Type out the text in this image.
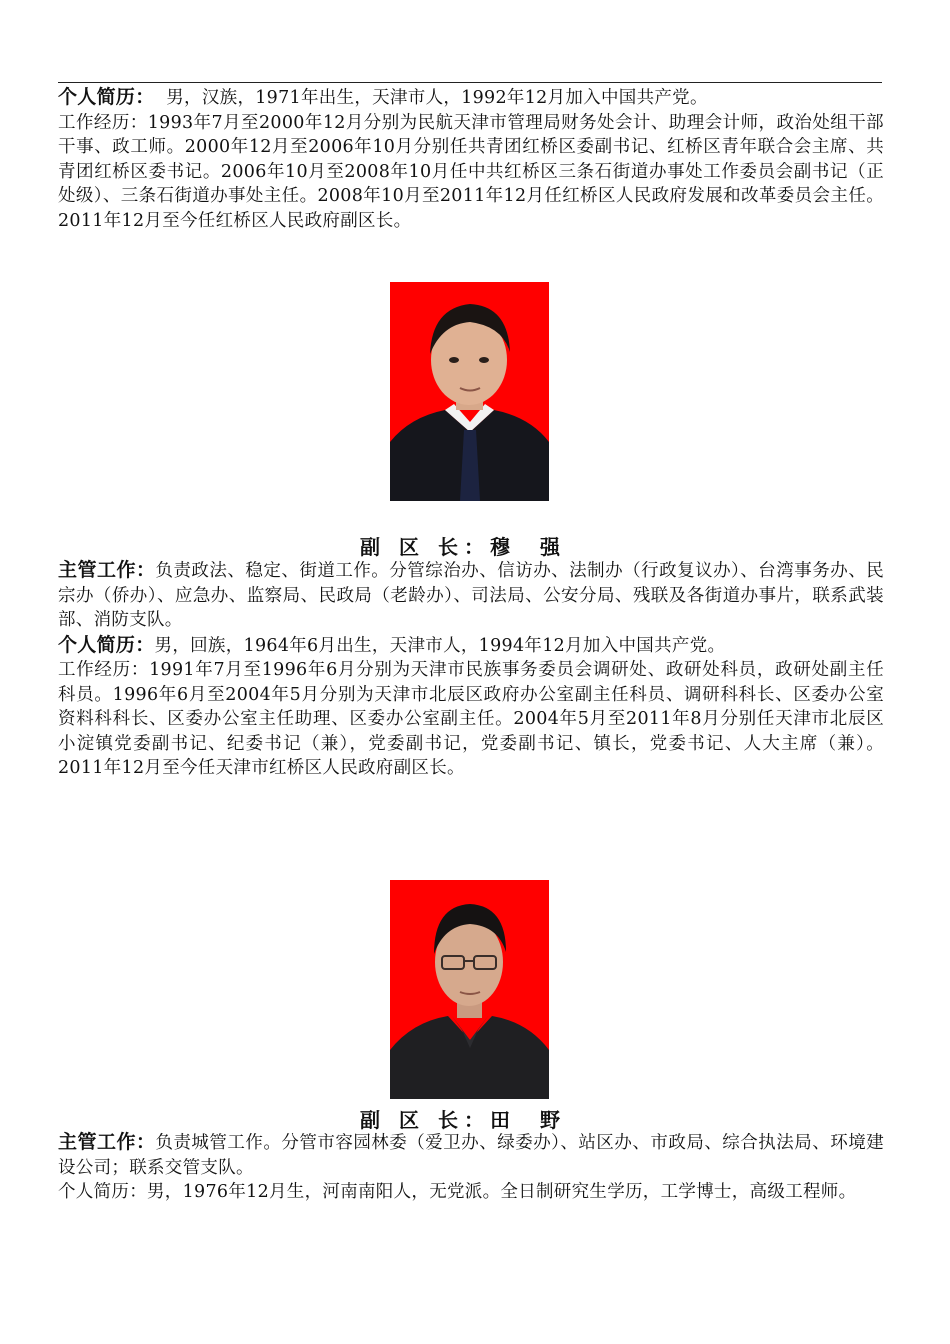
个人简历：  男，汉族，1971年出生，天津市人，1992年12月加入中国共产党。

工作经历：1993年7月至2000年12月分别为民航天津市管理局财务处会计、助理会计师，政治处组干部干事、政工师。2000年12月至2006年10月分别任共青团红桥区委副书记、红桥区青年联合会主席、共青团红桥区委书记。2006年10月至2008年10月任中共红桥区三条石街道办事处工作委员会副书记（正处级）、三条石街道办事处主任。2008年10月至2011年12月任红桥区人民政府发展和改革委员会主任。2011年12月至今任红桥区人民政府副区长。

副 区 长：穆强

主管工作：负责政法、稳定、街道工作。分管综治办、信访办、法制办（行政复议办）、台湾事务办、民宗办（侨办）、应急办、监察局、民政局（老龄办）、司法局、公安分局、残联及各街道办事片，联系武装部、消防支队。

个人简历：男，回族，1964年6月出生，天津市人，1994年12月加入中国共产党。

工作经历：1991年7月至1996年6月分别为天津市民族事务委员会调研处、政研处科员，政研处副主任科员。1996年6月至2004年5月分别为天津市北辰区政府办公室副主任科员、调研科科长、区委办公室资料科科长、区委办公室主任助理、区委办公室副主任。2004年5月至2011年8月分别任天津市北辰区小淀镇党委副书记、纪委书记（兼），党委副书记，党委副书记、镇长，党委书记、人大主席（兼）。2011年12月至今任天津市红桥区人民政府副区长。

副 区 长：田野

主管工作：负责城管工作。分管市容园林委（爱卫办、绿委办）、站区办、市政局、综合执法局、环境建设公司；联系交管支队。

个人简历：男，1976年12月生，河南南阳人，无党派。全日制研究生学历，工学博士，高级工程师。
